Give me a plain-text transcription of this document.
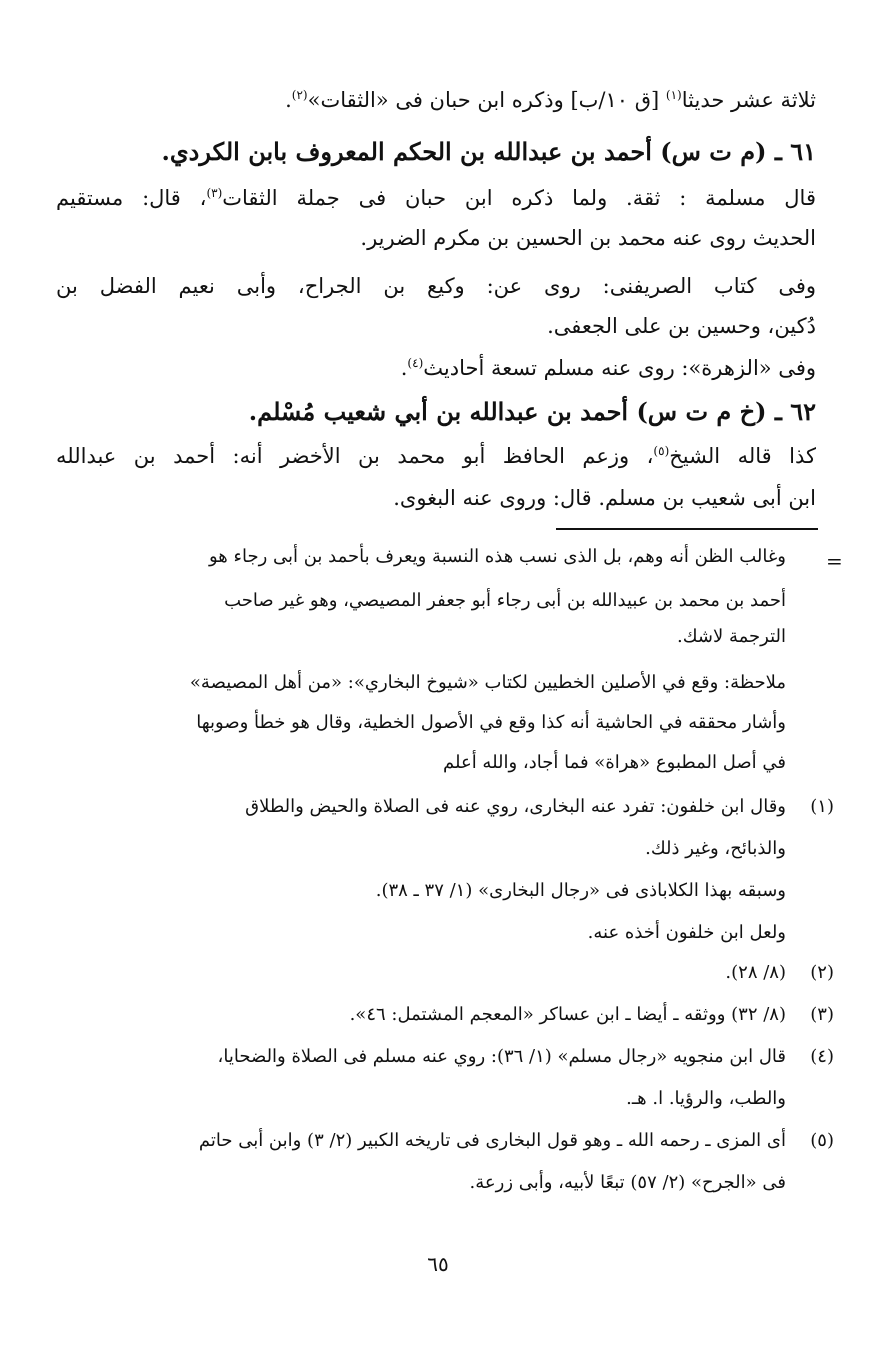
ثلاثة عشر حديثا$^{(١)}$ [ق ١٠/ب] وذكره ابن حبان فى «الثقات»$^{(٢)}$.
٦١ ـ (م ت س) أحمد بن عبدالله بن الحكم المعروف بابن الكردي.
قال مسلمة : ثقة. ولما ذكره ابن حبان فى جملة الثقات$^{(٣)}$، قال: مستقيم
الحديث روى عنه محمد بن الحسين بن مكرم الضرير.
وفى كتاب الصريفنى: روى عن: وكيع بن الجراح، وأبى نعيم الفضل بن
دُكين، وحسين بن على الجعفى.
وفى «الزهرة»: روى عنه مسلم تسعة أحاديث$^{(٤)}$.
٦٢ ـ (خ م ت س) أحمد بن عبدالله بن أبي شعيب مُسْلم.
كذا قاله الشيخ$^{(٥)}$، وزعم الحافظ أبو محمد بن الأخضر أنه: أحمد بن عبدالله
ابن أبى شعيب بن مسلم. قال: وروى عنه البغوى.
=
وغالب الظن أنه وهم، بل الذى نسب هذه النسبة ويعرف بأحمد بن أبى رجاء هو
أحمد بن محمد بن عبيدالله بن أبى رجاء أبو جعفر المصيصي، وهو غير صاحب
الترجمة لاشك.
ملاحظة: وقع في الأصلين الخطيين لكتاب «شيوخ البخاري»: «من أهل المصيصة»
وأشار محققه في الحاشية أنه كذا وقع في الأصول الخطية، وقال هو خطأ وصوبها
في أصل المطبوع «هراة» فما أجاد، والله أعلم
(١)
وقال ابن خلفون: تفرد عنه البخارى، روي عنه فى الصلاة والحيض والطلاق
والذبائح، وغير ذلك.
وسبقه بهذا الكلاباذى فى «رجال البخارى» (١/ ٣٧ ـ ٣٨).
ولعل ابن خلفون أخذه عنه.
(٢)
(٨/ ٢٨).
(٣)
(٨/ ٣٢) ووثقه ـ أيضا ـ ابن عساكر «المعجم المشتمل: ٤٦».
(٤)
قال ابن منجويه «رجال مسلم» (١/ ٣٦): روي عنه مسلم فى الصلاة والضحايا،
والطب، والرؤيا. ا. هـ.
(٥)
أى المزى ـ رحمه الله ـ وهو قول البخارى فى تاريخه الكبير (٢/ ٣) وابن أبى حاتم
فى «الجرح» (٢/ ٥٧) تبعًا لأبيه، وأبى زرعة.
٦٥
